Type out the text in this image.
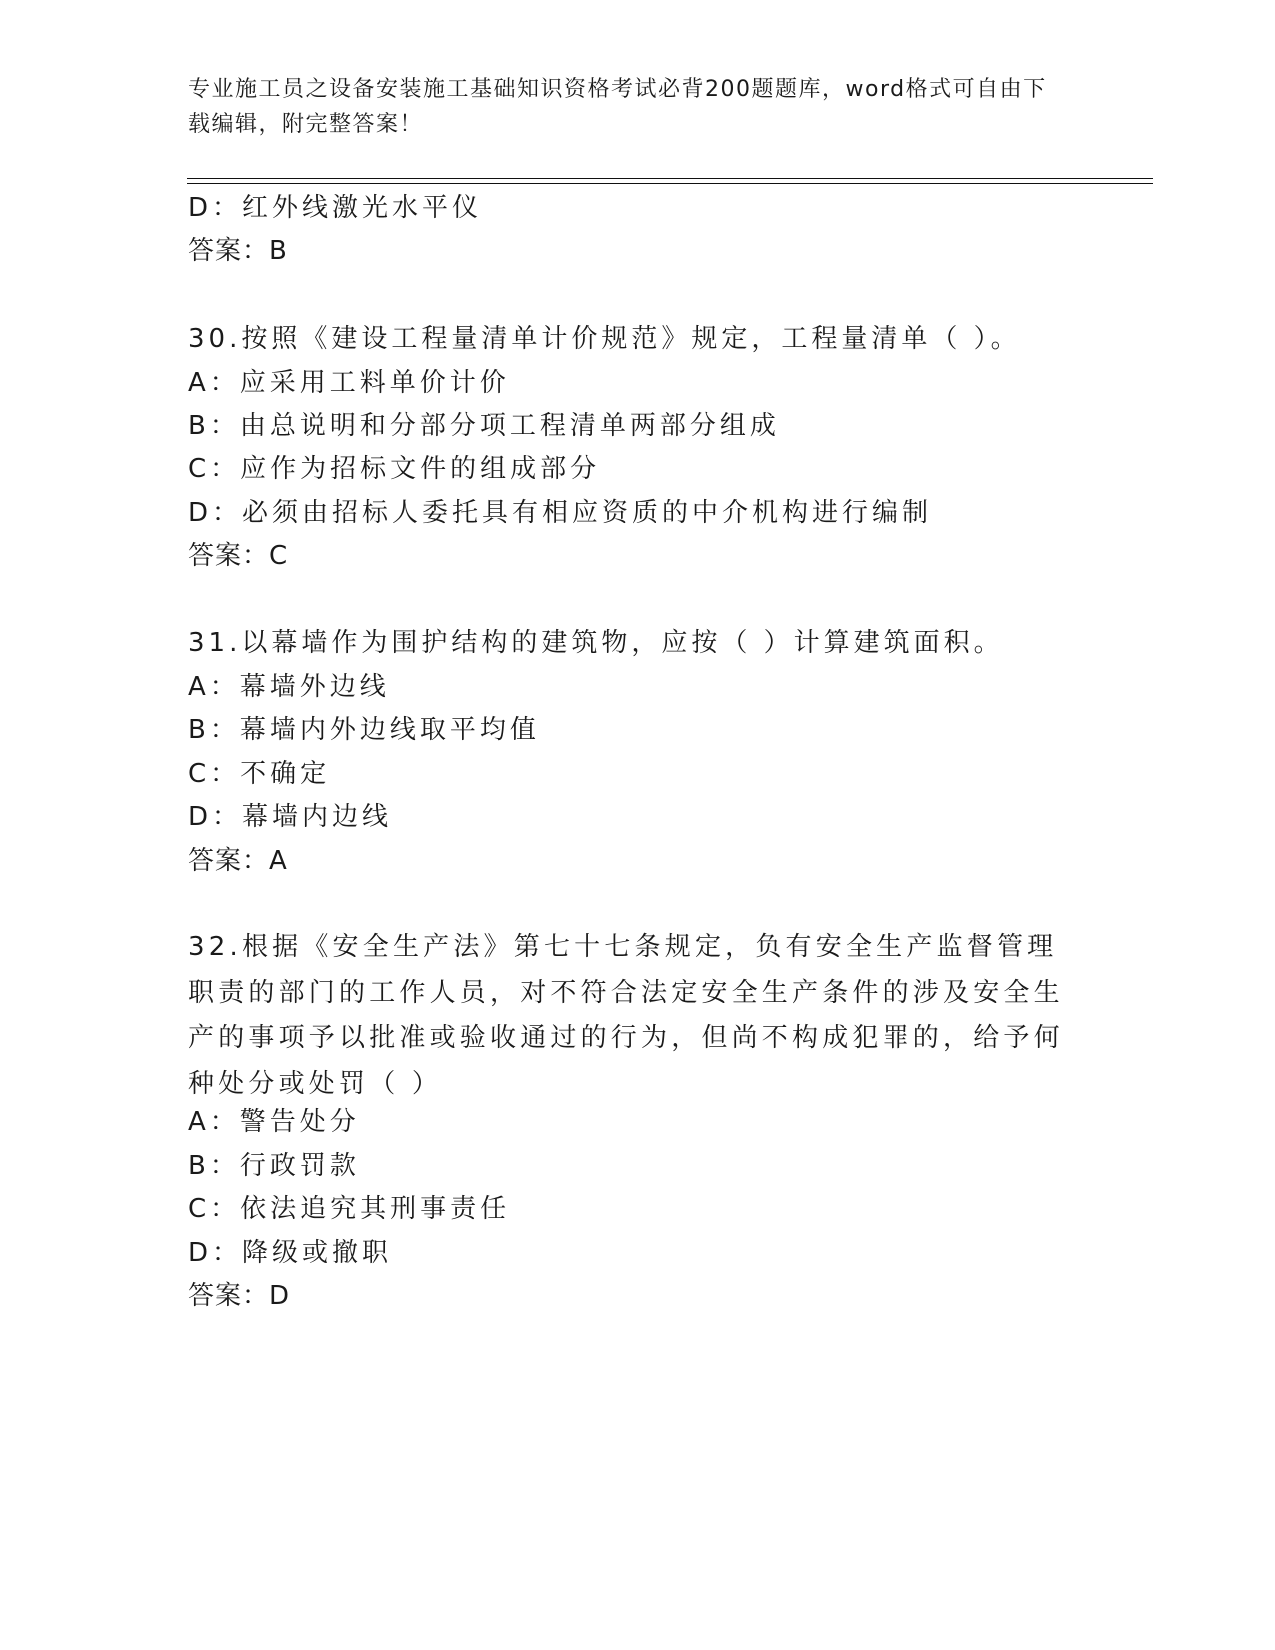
专业施工员之设备安装施工基础知识资格考试必背200题题库，word格式可自由下载编辑，附完整答案！
D：红外线激光水平仪
答案：B
30.按照《建设工程量清单计价规范》规定，工程量清单（ ）。
A：应采用工料单价计价
B：由总说明和分部分项工程清单两部分组成
C：应作为招标文件的组成部分
D：必须由招标人委托具有相应资质的中介机构进行编制
答案：C
31.以幕墙作为围护结构的建筑物，应按（ ）计算建筑面积。
A：幕墙外边线
B：幕墙内外边线取平均值
C：不确定
D：幕墙内边线
答案：A
32.根据《安全生产法》第七十七条规定，负有安全生产监督管理职责的部门的工作人员，对不符合法定安全生产条件的涉及安全生产的事项予以批准或验收通过的行为，但尚不构成犯罪的，给予何种处分或处罚（ ）
A：警告处分
B：行政罚款
C：依法追究其刑事责任
D：降级或撤职
答案：D
